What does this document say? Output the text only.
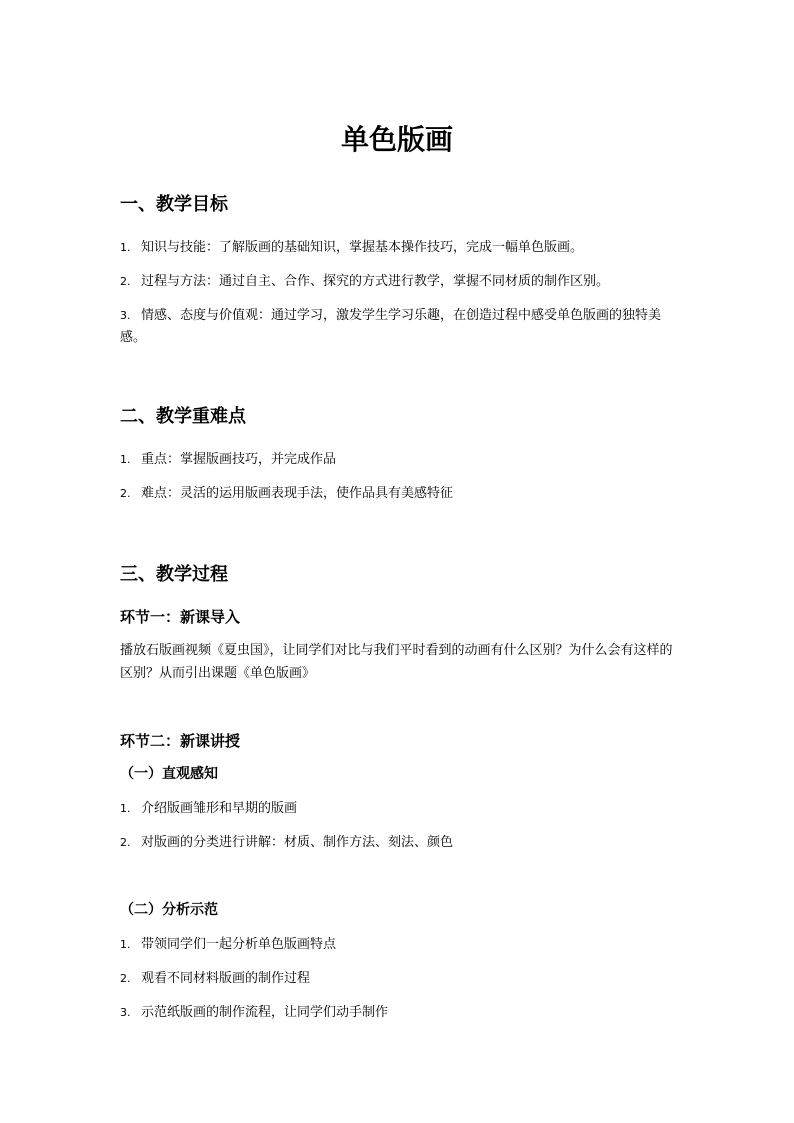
单色版画
一、教学目标

1. 知识与技能：了解版画的基础知识，掌握基本操作技巧，完成一幅单色版画。

2. 过程与方法：通过自主、合作、探究的方式进行教学，掌握不同材质的制作区别。

3. 情感、态度与价值观：通过学习，激发学生学习乐趣，在创造过程中感受单色版画的独特美感。

二、教学重难点

1. 重点：掌握版画技巧，并完成作品

2. 难点：灵活的运用版画表现手法，使作品具有美感特征

三、教学过程
环节一：新课导入

播放石版画视频《夏虫国》，让同学们对比与我们平时看到的动画有什么区别？为什么会有这样的区别？从而引出课题《单色版画》

环节二：新课讲授
（一）直观感知

1. 介绍版画雏形和早期的版画

2. 对版画的分类进行讲解：材质、制作方法、刻法、颜色

（二）分析示范

1. 带领同学们一起分析单色版画特点

2. 观看不同材料版画的制作过程

3. 示范纸版画的制作流程，让同学们动手制作
